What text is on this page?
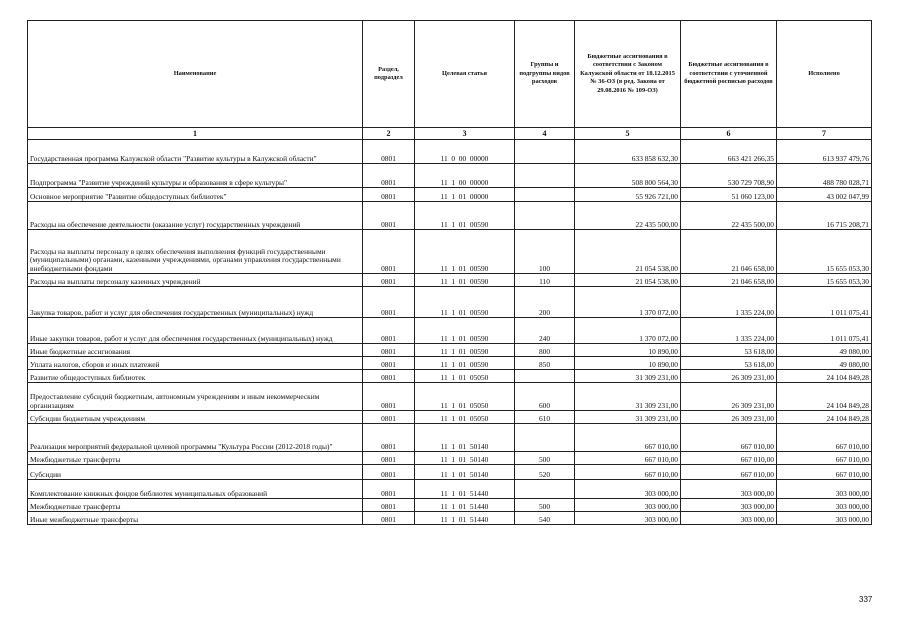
Наименование	Раздел, подраздел	Целевая статья	Группы и подгруппы видов расходов	Бюджетные ассигнования в соответствии с Законом Калужской области от 18.12.2015 № 36-ОЗ (в ред. Закона от 29.08.2016 № 109-ОЗ)	Бюджетные ассигнования в соответствии с уточненной бюджетной росписью расходов	Исполнено
1	2	3	4	5	6	7
Государственная программа Калужской области "Развитие культуры в Калужской области"	0801	11  0  00  00000		633 858 632,30	663 421 266,35	613 937 479,76
Подпрограмма "Развитие учреждений культуры и образования в сфере культуры"	0801	11  1  00  00000		508 800 564,30	530 729 708,90	488 780 028,71
Основное мероприятие "Развитие общедоступных библиотек"	0801	11  1  01  00000		55 926 721,00	51 060 123,00	43 002 047,99
Расходы на обеспечение деятельности (оказание услуг) государственных учреждений	0801	11  1  01  00590		22 435 500,00	22 435 500,00	16 715 208,71
Расходы на выплаты персоналу в целях обеспечения выполнения функций государственными (муниципальными) органами, казенными учреждениями, органами управления государственными внебюджетными фондами	0801	11  1  01  00590	100	21 054 538,00	21 046 658,00	15 655 053,30
Расходы на выплаты персоналу казенных учреждений	0801	11  1  01  00590	110	21 054 538,00	21 046 658,00	15 655 053,30
Закупка товаров, работ и услуг для обеспечения государственных (муниципальных) нужд	0801	11  1  01  00590	200	1 370 072,00	1 335 224,00	1 011 075,41
Иные закупки товаров, работ и услуг для обеспечения государственных (муниципальных) нужд	0801	11  1  01  00590	240	1 370 072,00	1 335 224,00	1 011 075,41
Иные бюджетные ассигнования	0801	11  1  01  00590	800	10 890,00	53 618,00	49 080,00
Уплата налогов, сборов и иных платежей	0801	11  1  01  00590	850	10 890,00	53 618,00	49 080,00
Развитие общедоступных библиотек	0801	11  1  01  05050		31 309 231,00	26 309 231,00	24 104 849,28
Предоставление субсидий бюджетным, автономным учреждениям и иным некоммерческим организациям	0801	11  1  01  05050	600	31 309 231,00	26 309 231,00	24 104 849,28
Субсидии бюджетным учреждениям	0801	11  1  01  05050	610	31 309 231,00	26 309 231,00	24 104 849,28
Реализация мероприятий федеральной целевой программы "Культура России (2012-2018 годы)"	0801	11  1  01  50140		667 010,00	667 010,00	667 010,00
Межбюджетные трансферты	0801	11  1  01  50140	500	667 010,00	667 010,00	667 010,00
Субсидии	0801	11  1  01  50140	520	667 010,00	667 010,00	667 010,00
Комплектование книжных фондов библиотек муниципальных образований	0801	11  1  01  51440		303 000,00	303 000,00	303 000,00
Межбюджетные трансферты	0801	11  1  01  51440	500	303 000,00	303 000,00	303 000,00
Иные межбюджетные трансферты	0801	11  1  01  51440	540	303 000,00	303 000,00	303 000,00
337
